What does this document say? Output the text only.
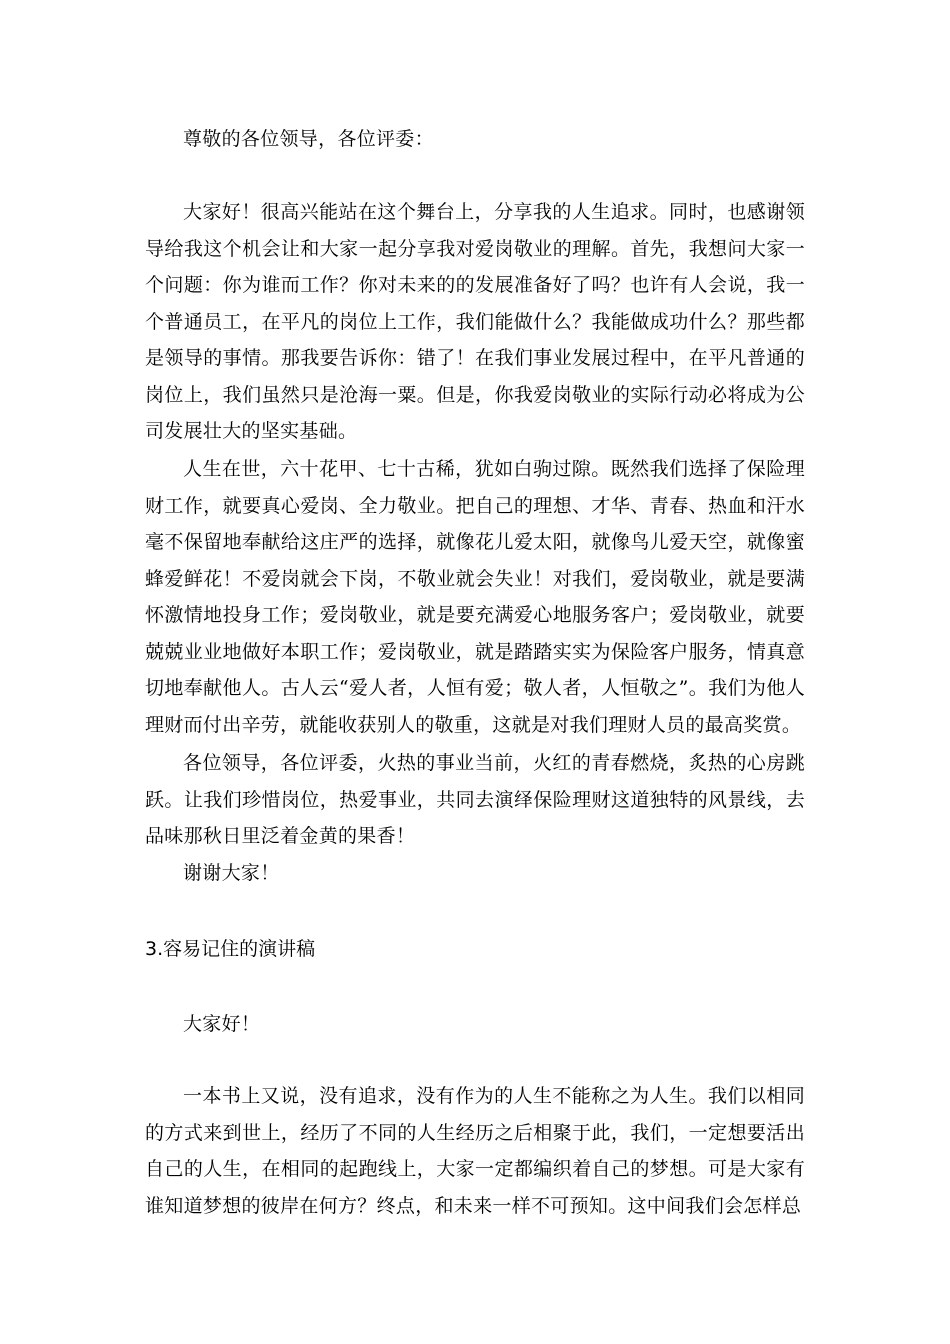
尊敬的各位领导，各位评委：

大家好！很高兴能站在这个舞台上，分享我的人生追求。同时，也感谢领导给我这个机会让和大家一起分享我对爱岗敬业的理解。首先，我想问大家一个问题：你为谁而工作？你对未来的的发展准备好了吗？也许有人会说，我一个普通员工，在平凡的岗位上工作，我们能做什么？我能做成功什么？那些都是领导的事情。那我要告诉你：错了！在我们事业发展过程中，在平凡普通的岗位上，我们虽然只是沧海一粟。但是，你我爱岗敬业的实际行动必将成为公司发展壮大的坚实基础。

人生在世，六十花甲、七十古稀，犹如白驹过隙。既然我们选择了保险理财工作，就要真心爱岗、全力敬业。把自己的理想、才华、青春、热血和汗水毫不保留地奉献给这庄严的选择，就像花儿爱太阳，就像鸟儿爱天空，就像蜜蜂爱鲜花！不爱岗就会下岗，不敬业就会失业！对我们，爱岗敬业，就是要满怀激情地投身工作；爱岗敬业，就是要充满爱心地服务客户；爱岗敬业，就要兢兢业业地做好本职工作；爱岗敬业，就是踏踏实实为保险客户服务，情真意切地奉献他人。古人云“爱人者，人恒有爱；敬人者，人恒敬之”。我们为他人理财而付出辛劳，就能收获别人的敬重，这就是对我们理财人员的最高奖赏。

各位领导，各位评委，火热的事业当前，火红的青春燃烧，炙热的心房跳跃。让我们珍惜岗位，热爱事业，共同去演绎保险理财这道独特的风景线，去品味那秋日里泛着金黄的果香！

谢谢大家！

3.容易记住的演讲稿

大家好！

一本书上又说，没有追求，没有作为的人生不能称之为人生。我们以相同的方式来到世上，经历了不同的人生经历之后相聚于此，我们，一定想要活出自己的人生，在相同的起跑线上，大家一定都编织着自己的梦想。可是大家有谁知道梦想的彼岸在何方？终点，和未来一样不可预知。这中间我们会怎样总
